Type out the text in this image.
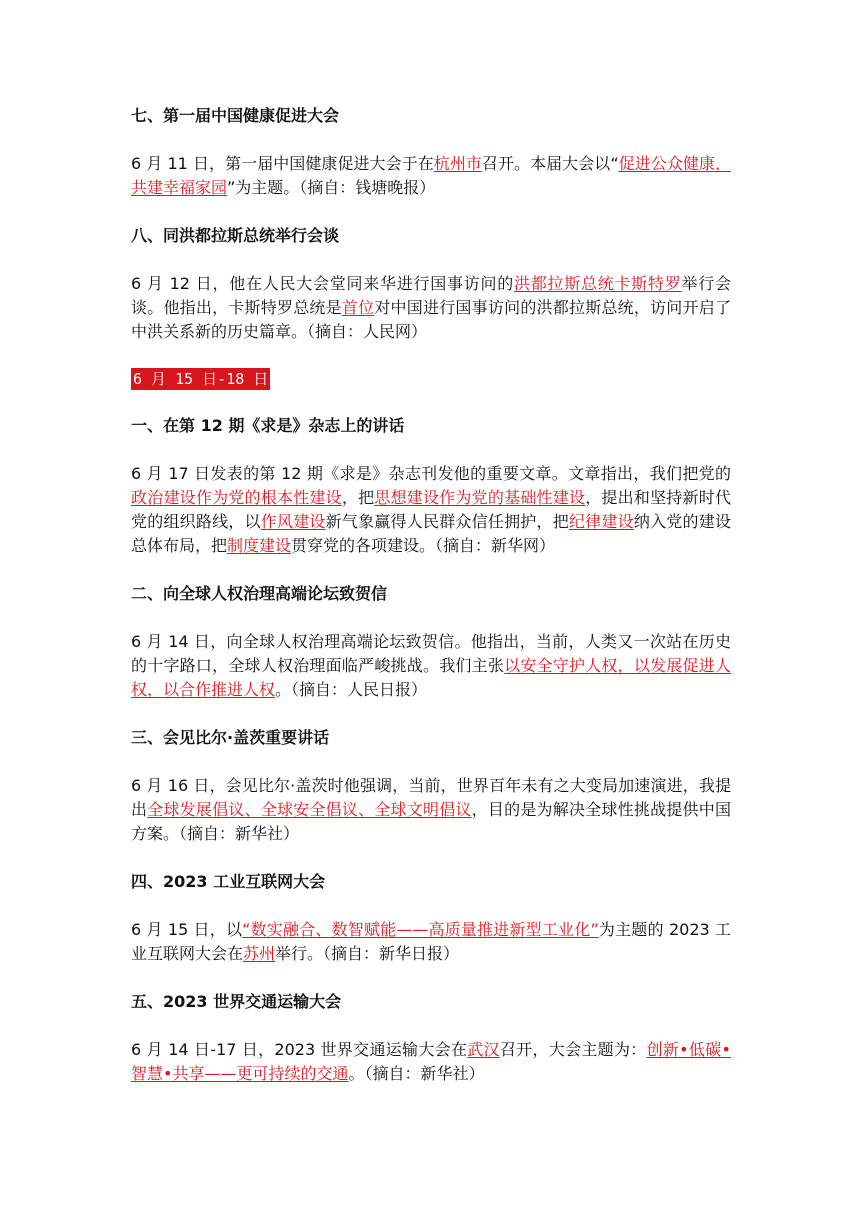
七、第一届中国健康促进大会

6 月 11 日，第一届中国健康促进大会于在杭州市召开。本届大会以“促进公众健康，共建幸福家园”为主题。（摘自：钱塘晚报）

八、同洪都拉斯总统举行会谈

6 月 12 日，他在人民大会堂同来华进行国事访问的洪都拉斯总统卡斯特罗举行会谈。他指出，卡斯特罗总统是首位对中国进行国事访问的洪都拉斯总统，访问开启了中洪关系新的历史篇章。（摘自：人民网）

6 月 15 日-18 日
一、在第 12 期《求是》杂志上的讲话

6 月 17 日发表的第 12 期《求是》杂志刊发他的重要文章。文章指出，我们把党的政治建设作为党的根本性建设，把思想建设作为党的基础性建设，提出和坚持新时代党的组织路线，以作风建设新气象赢得人民群众信任拥护，把纪律建设纳入党的建设总体布局，把制度建设贯穿党的各项建设。（摘自：新华网）

二、向全球人权治理高端论坛致贺信

6 月 14 日，向全球人权治理高端论坛致贺信。他指出，当前，人类又一次站在历史的十字路口，全球人权治理面临严峻挑战。我们主张以安全守护人权，以发展促进人权，以合作推进人权。（摘自：人民日报）

三、会见比尔·盖茨重要讲话

6 月 16 日，会见比尔·盖茨时他强调，当前，世界百年未有之大变局加速演进，我提出全球发展倡议、全球安全倡议、全球文明倡议，目的是为解决全球性挑战提供中国方案。（摘自：新华社）

四、2023 工业互联网大会

6 月 15 日，以“数实融合、数智赋能——高质量推进新型工业化”为主题的 2023 工业互联网大会在苏州举行。（摘自：新华日报）

五、2023 世界交通运输大会

6 月 14 日-17 日，2023 世界交通运输大会在武汉召开，大会主题为：创新•低碳•智慧•共享——更可持续的交通。（摘自：新华社）
